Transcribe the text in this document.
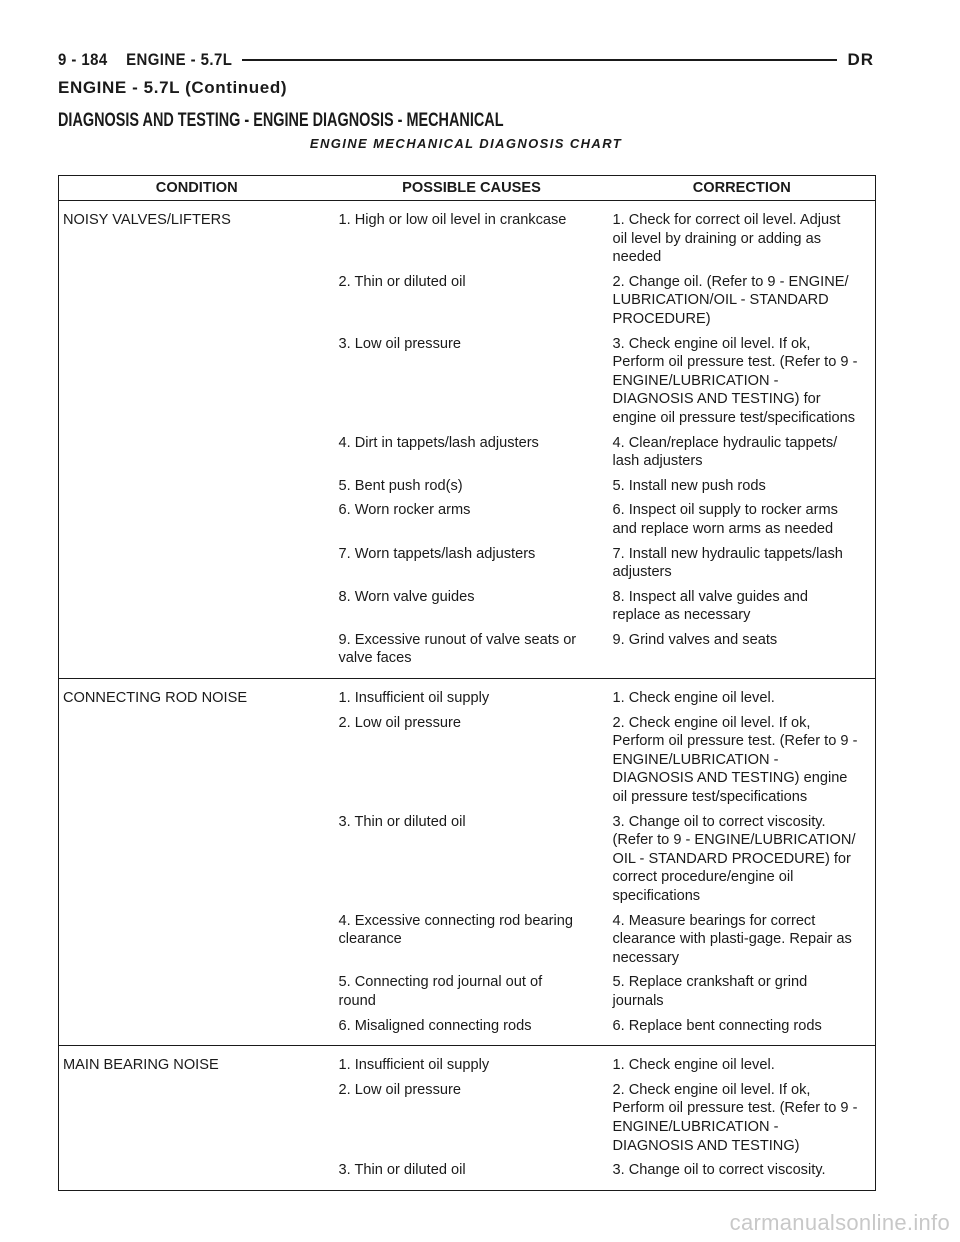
9 - 184 ENGINE - 5.7L	DR
ENGINE - 5.7L (Continued)
DIAGNOSIS AND TESTING - ENGINE DIAGNOSIS - MECHANICAL
ENGINE MECHANICAL DIAGNOSIS CHART
CONDITION	POSSIBLE CAUSES	CORRECTION

NOISY VALVES/LIFTERS	1. High or low oil level in crankcase	1. Check for correct oil level. Adjust
oil level by draining or adding as
needed

	2. Thin or diluted oil	2. Change oil. (Refer to 9 - ENGINE/
LUBRICATION/OIL - STANDARD
PROCEDURE)

	3. Low oil pressure	3. Check engine oil level. If ok,
Perform oil pressure test. (Refer to 9 -
ENGINE/LUBRICATION -
DIAGNOSIS AND TESTING) for
engine oil pressure test/specifications

	4. Dirt in tappets/lash adjusters	4. Clean/replace hydraulic tappets/
lash adjusters

	5. Bent push rod(s)	5. Install new push rods

	6. Worn rocker arms	6. Inspect oil supply to rocker arms
and replace worn arms as needed

	7. Worn tappets/lash adjusters	7. Install new hydraulic tappets/lash
adjusters

	8. Worn valve guides	8. Inspect all valve guides and
replace as necessary

	9. Excessive runout of valve seats or
valve faces	9. Grind valves and seats

CONNECTING ROD NOISE	1. Insufficient oil supply	1. Check engine oil level.

	2. Low oil pressure	2. Check engine oil level. If ok,
Perform oil pressure test. (Refer to 9 -
ENGINE/LUBRICATION -
DIAGNOSIS AND TESTING) engine
oil pressure test/specifications

	3. Thin or diluted oil	3. Change oil to correct viscosity.
(Refer to 9 - ENGINE/LUBRICATION/
OIL - STANDARD PROCEDURE) for
correct procedure/engine oil
specifications

	4. Excessive connecting rod bearing
clearance	4. Measure bearings for correct
clearance with plasti-gage. Repair as
necessary

	5. Connecting rod journal out of
round	5. Replace crankshaft or grind
journals

	6. Misaligned connecting rods	6. Replace bent connecting rods

MAIN BEARING NOISE	1. Insufficient oil supply	1. Check engine oil level.

	2. Low oil pressure	2. Check engine oil level. If ok,
Perform oil pressure test. (Refer to 9 -
ENGINE/LUBRICATION -
DIAGNOSIS AND TESTING)

	3. Thin or diluted oil	3. Change oil to correct viscosity.
carmanualsonline.info
